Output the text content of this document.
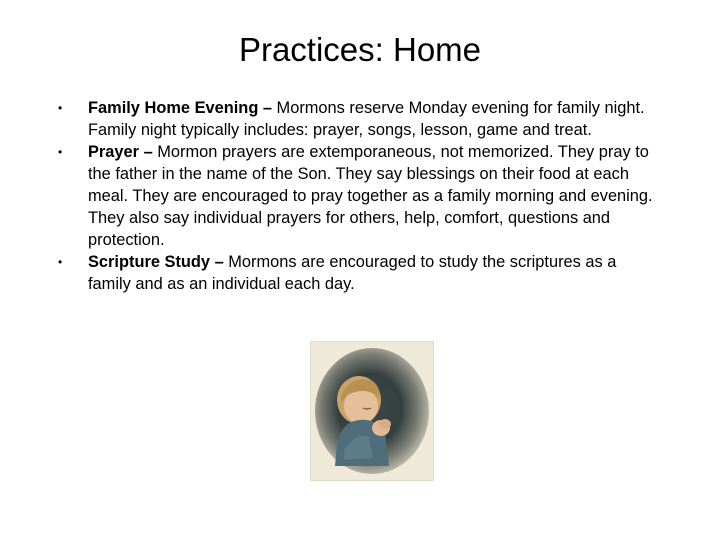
Practices: Home
• Family Home Evening – Mormons reserve Monday evening for family night. Family night typically includes: prayer, songs, lesson, game and treat.
• Prayer – Mormon prayers are extemporaneous, not memorized. They pray to the father in the name of the Son. They say blessings on their food at each meal. They are encouraged to pray together as a family morning and evening. They also say individual prayers for others, help, comfort, questions and protection.
• Scripture Study – Mormons are encouraged to study the scriptures as a family and as an individual each day.
